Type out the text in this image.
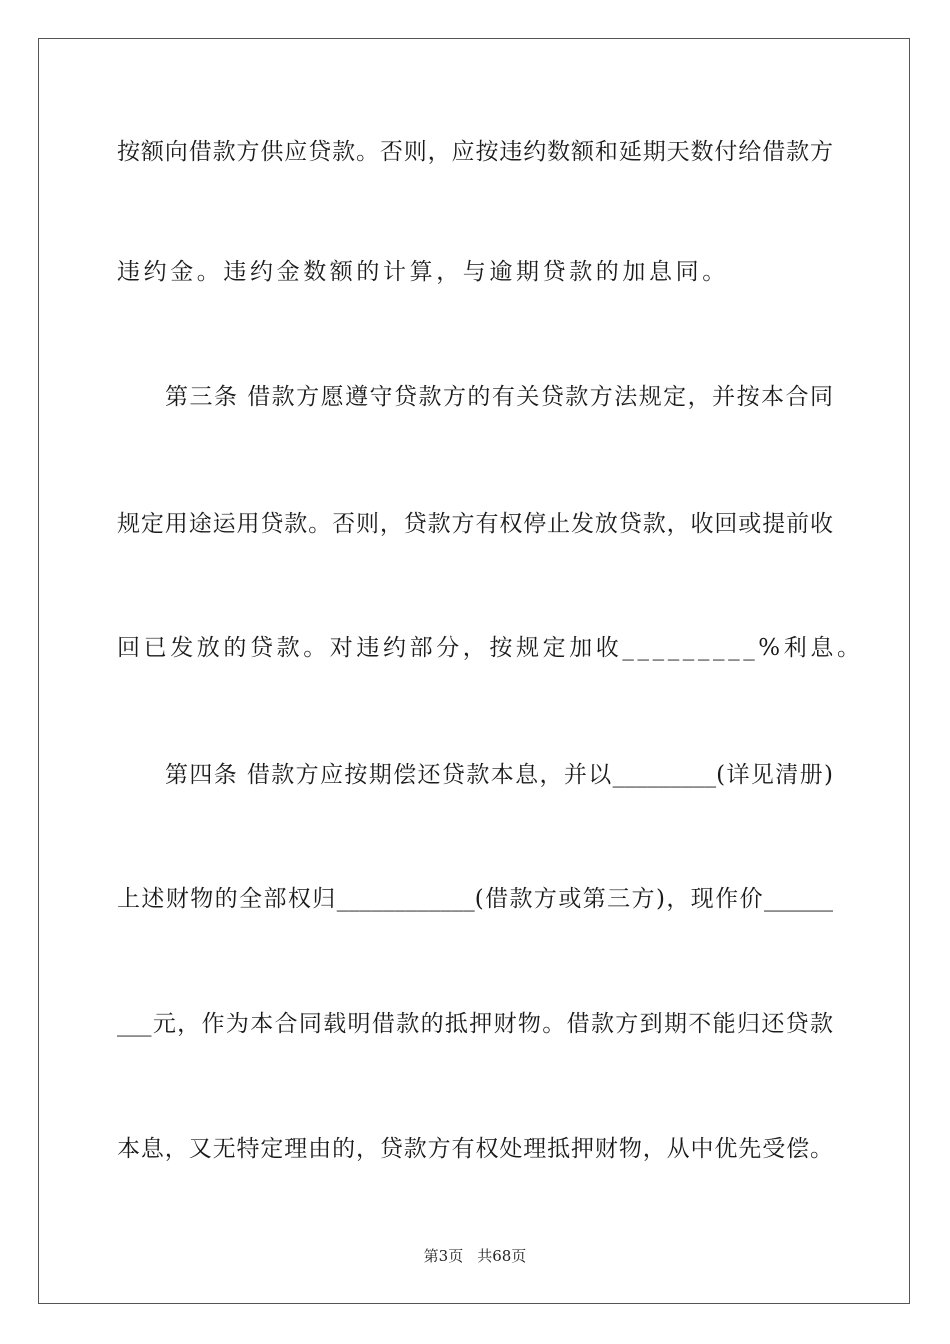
按额向借款方供应贷款。否则，应按违约数额和延期天数付给借款方
违约金。违约金数额的计算，与逾期贷款的加息同。
第三条 借款方愿遵守贷款方的有关贷款方法规定，并按本合同
规定用途运用贷款。否则，贷款方有权停止发放贷款，收回或提前收
回已发放的贷款。对违约部分，按规定加收_________%利息。
第四条 借款方应按期偿还贷款本息，并以_________(详见清册)
上述财物的全部权归____________(借款方或第三方)，现作价______
___元，作为本合同载明借款的抵押财物。借款方到期不能归还贷款
本息，又无特定理由的，贷款方有权处理抵押财物，从中优先受偿。
第3页 共68页
